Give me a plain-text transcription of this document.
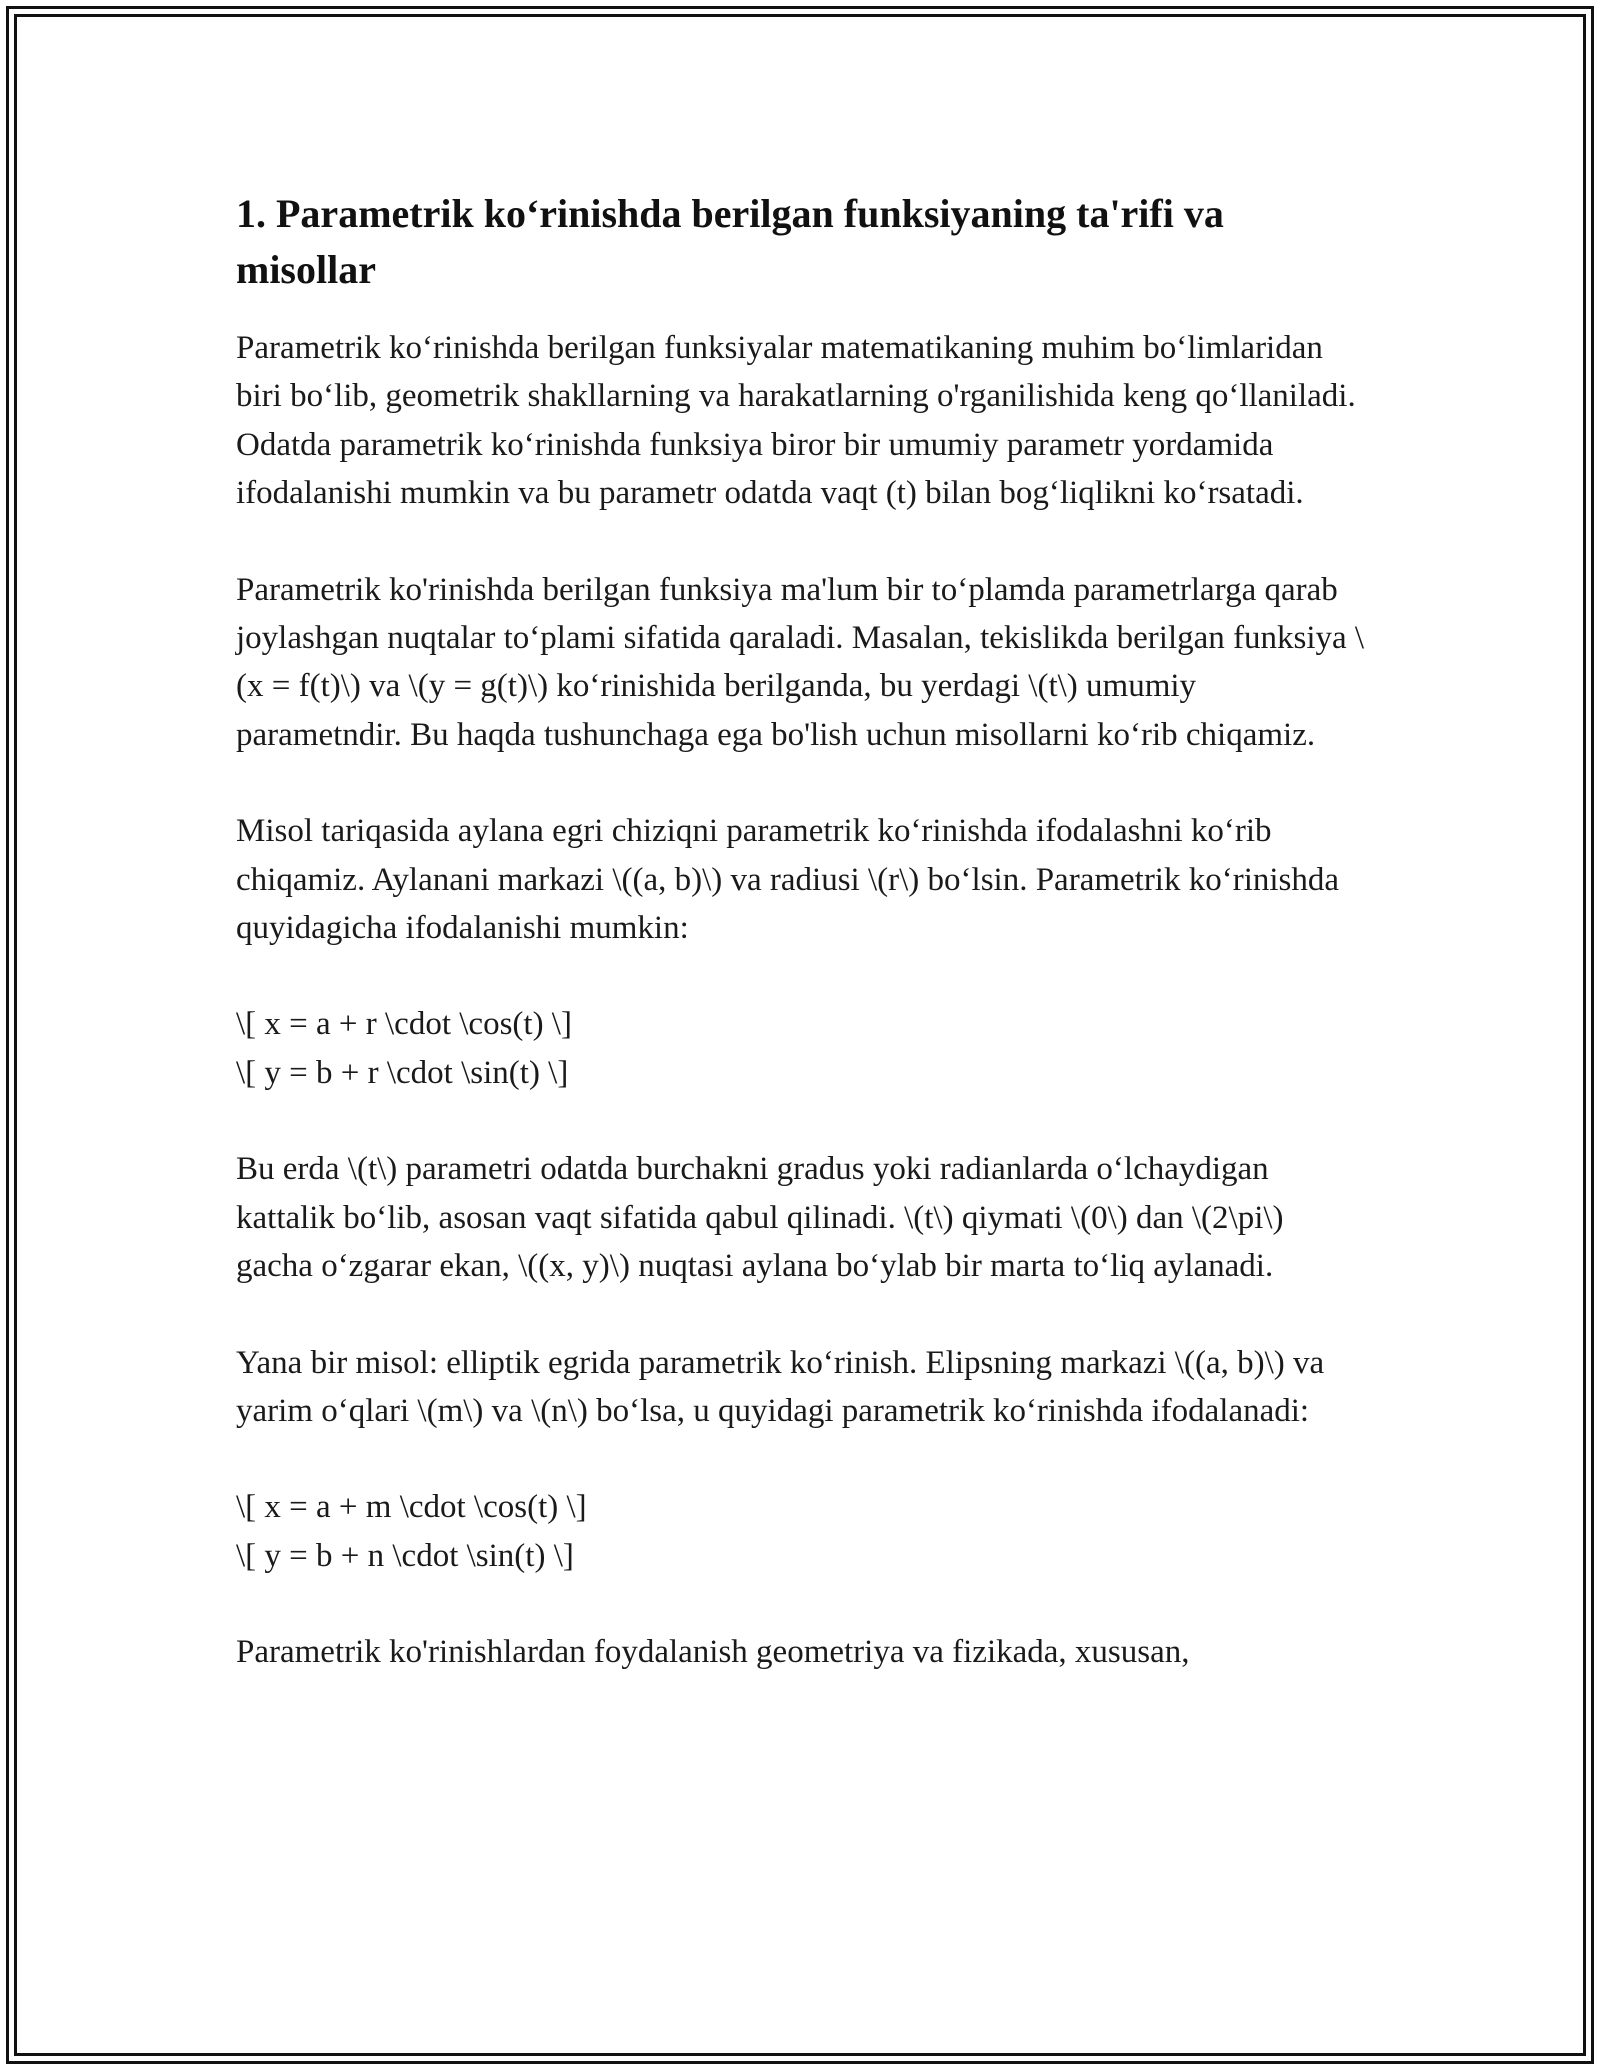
1. Parametrik ko‘rinishda berilgan funksiyaning ta'rifi va misollar

Parametrik ko‘rinishda berilgan funksiyalar matematikaning muhim bo‘limlaridan biri bo‘lib, geometrik shakllarning va harakatlarning o'rganilishida keng qo‘llaniladi. Odatda parametrik ko‘rinishda funksiya biror bir umumiy parametr yordamida ifodalanishi mumkin va bu parametr odatda vaqt (t) bilan bog‘liqlikni ko‘rsatadi.

Parametrik ko'rinishda berilgan funksiya ma'lum bir to‘plamda parametrlarga qarab joylashgan nuqtalar to‘plami sifatida qaraladi. Masalan, tekislikda berilgan funksiya \(x = f(t)\) va \(y = g(t)\) ko‘rinishida berilganda, bu yerdagi \(t\) umumiy parametndir. Bu haqda tushunchaga ega bo'lish uchun misollarni ko‘rib chiqamiz.

Misol tariqasida aylana egri chiziqni parametrik ko‘rinishda ifodalashni ko‘rib chiqamiz. Aylanani markazi \((a, b)\) va radiusi \(r\) bo‘lsin. Parametrik ko‘rinishda quyidagicha ifodalanishi mumkin:

\[ x = a + r \cdot \cos(t) \]
\[ y = b + r \cdot \sin(t) \]

Bu erda \(t\) parametri odatda burchakni gradus yoki radianlarda o‘lchaydigan kattalik bo‘lib, asosan vaqt sifatida qabul qilinadi. \(t\) qiymati \(0\) dan \(2\pi\) gacha o‘zgarar ekan, \((x, y)\) nuqtasi aylana bo‘ylab bir marta to‘liq aylanadi.

Yana bir misol: elliptik egrida parametrik ko‘rinish. Elipsning markazi \((a, b)\) va yarim o‘qlari \(m\) va \(n\) bo‘lsa, u quyidagi parametrik ko‘rinishda ifodalanadi:

\[ x = a + m \cdot \cos(t) \]
\[ y = b + n \cdot \sin(t) \]

Parametrik ko'rinishlardan foydalanish geometriya va fizikada, xususan,
